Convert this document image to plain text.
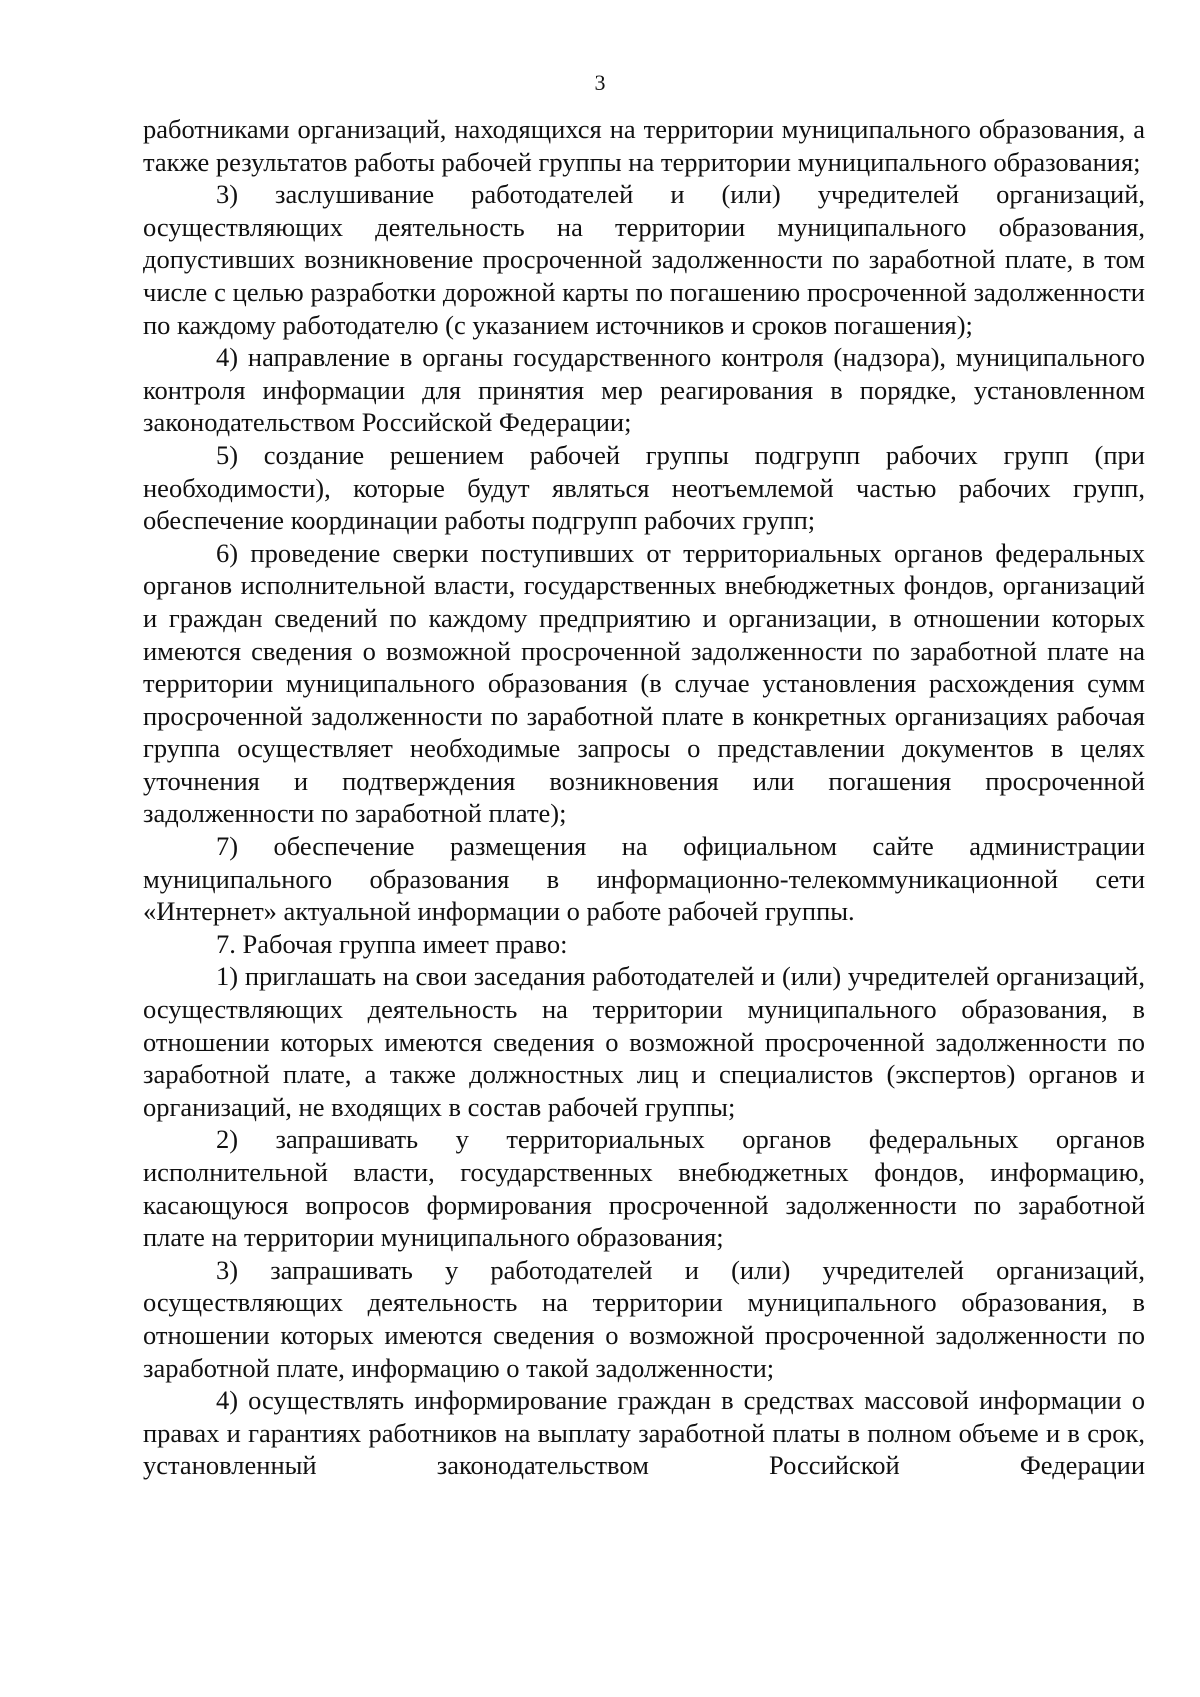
3

работниками организаций, находящихся на территории муниципального образования, а также результатов работы рабочей группы на территории муниципального образования;

3) заслушивание работодателей и (или) учредителей организаций, осуществляющих деятельность на территории муниципального образования, допустивших возникновение просроченной задолженности по заработной плате, в том числе с целью разработки дорожной карты по погашению просроченной задолженности по каждому работодателю (с указанием источников и сроков погашения);

4) направление в органы государственного контроля (надзора), муниципального контроля информации для принятия мер реагирования в порядке, установленном законодательством Российской Федерации;

5) создание решением рабочей группы подгрупп рабочих групп (при необходимости), которые будут являться неотъемлемой частью рабочих групп, обеспечение координации работы подгрупп рабочих групп;

6) проведение сверки поступивших от территориальных органов федеральных органов исполнительной власти, государственных внебюджетных фондов, организаций и граждан сведений по каждому предприятию и организации, в отношении которых имеются сведения о возможной просроченной задолженности по заработной плате на территории муниципального образования (в случае установления расхождения сумм просроченной задолженности по заработной плате в конкретных организациях рабочая группа осуществляет необходимые запросы о представлении документов в целях уточнения и подтверждения возникновения или погашения просроченной задолженности по заработной плате);

7) обеспечение размещения на официальном сайте администрации муниципального образования в информационно-телекоммуникационной сети «Интернет» актуальной информации о работе рабочей группы.

7. Рабочая группа имеет право:

1) приглашать на свои заседания работодателей и (или) учредителей организаций, осуществляющих деятельность на территории муниципального образования, в отношении которых имеются сведения о возможной просроченной задолженности по заработной плате, а также должностных лиц и специалистов (экспертов) органов и организаций, не входящих в состав рабочей группы;

2) запрашивать у территориальных органов федеральных органов исполнительной власти, государственных внебюджетных фондов, информацию, касающуюся вопросов формирования просроченной задолженности по заработной плате на территории муниципального образования;

3) запрашивать у работодателей и (или) учредителей организаций, осуществляющих деятельность на территории муниципального образования, в отношении которых имеются сведения о возможной просроченной задолженности по заработной плате, информацию о такой задолженности;

4) осуществлять информирование граждан в средствах массовой информации о правах и гарантиях работников на выплату заработной платы в полном объеме и в срок, установленный законодательством Российской Федерации
